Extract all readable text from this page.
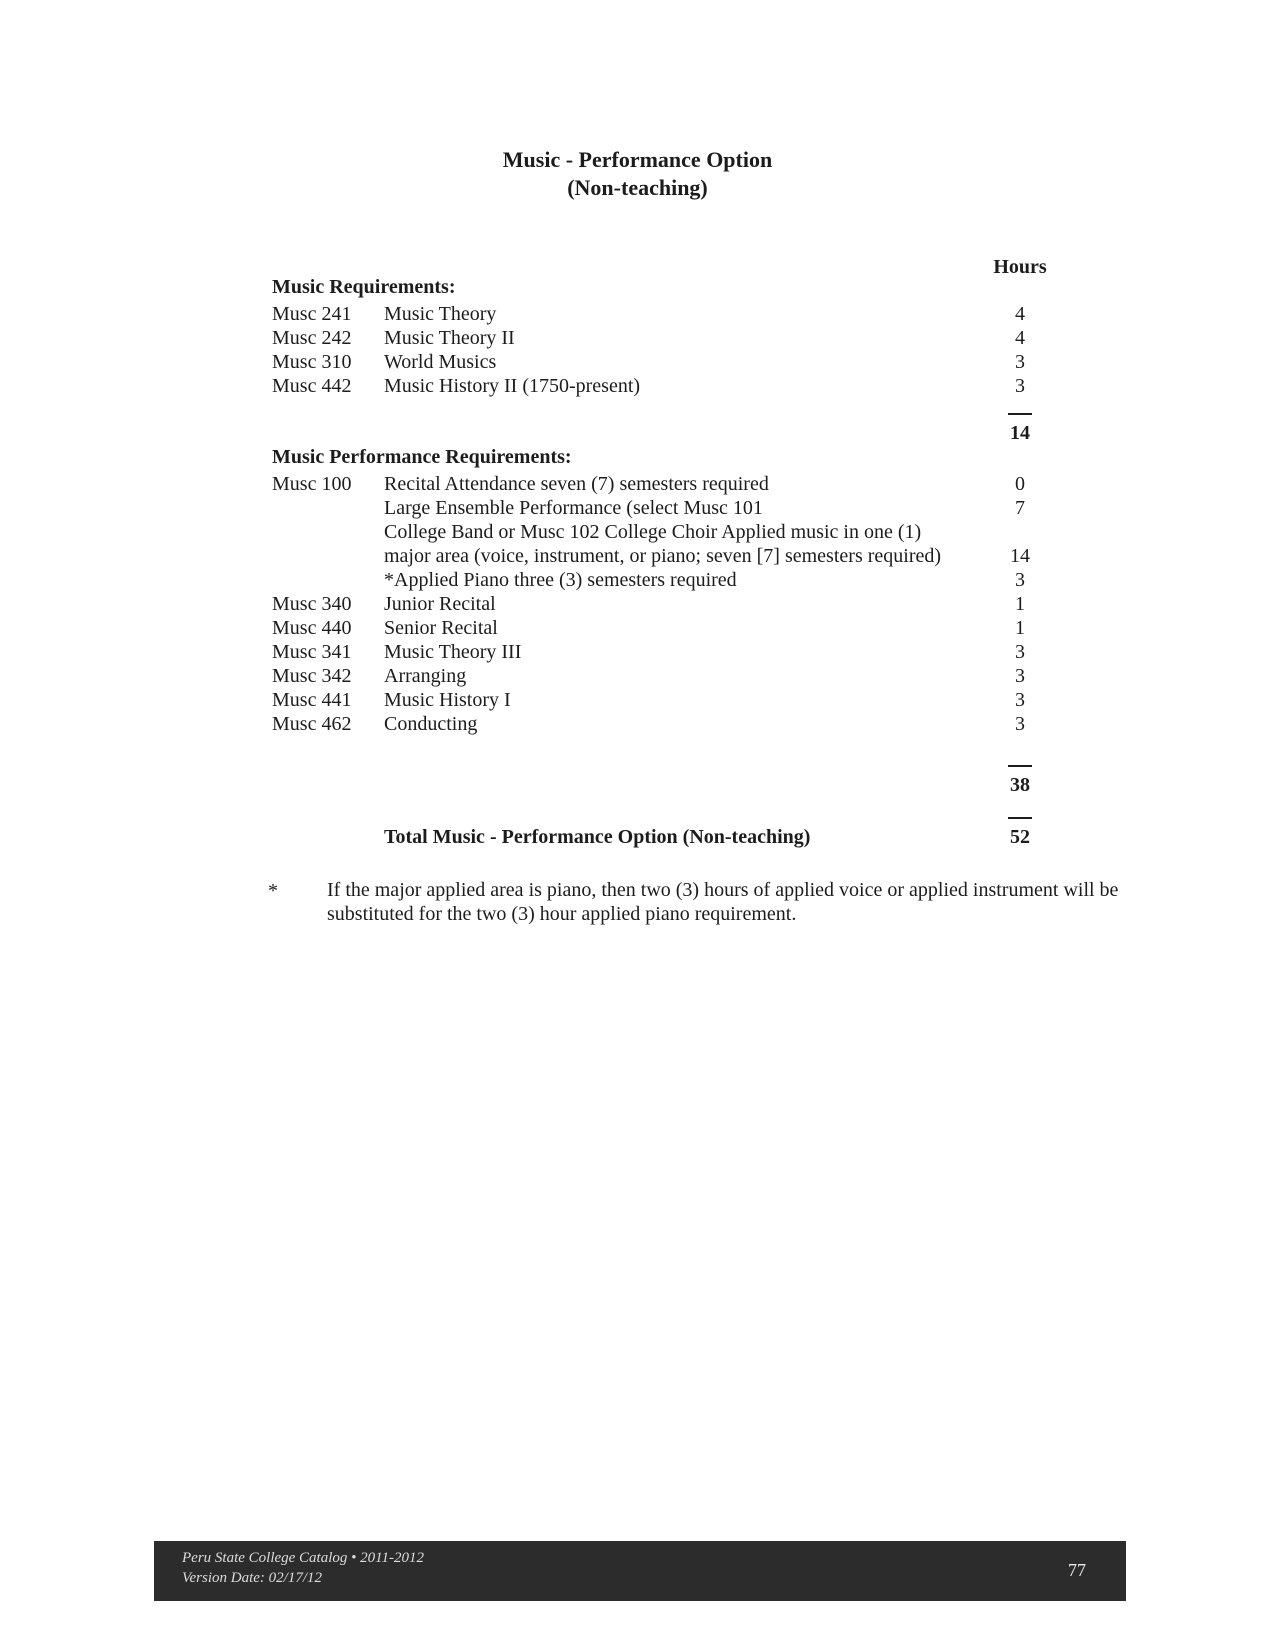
Music - Performance Option
(Non-teaching)
Hours
Music Requirements:
Musc 241	Music Theory	4
Musc 242	Music Theory II	4
Musc 310	World Musics	3
Musc 442	Music History II (1750-present)	3
14
Music Performance Requirements:
Musc 100	Recital Attendance seven (7) semesters required	0
Large Ensemble Performance (select Musc 101	7
College Band or Musc 102 College Choir Applied music in one (1)
major area (voice, instrument, or piano; seven [7] semesters required)	14
*Applied Piano three (3) semesters required	3
Musc 340	Junior Recital	1
Musc 440	Senior Recital	1
Musc 341	Music Theory III	3
Musc 342	Arranging	3
Musc 441	Music History I	3
Musc 462	Conducting	3
38
Total Music - Performance Option (Non-teaching)	52
* If the major applied area is piano, then two (3) hours of applied voice or applied instrument will be substituted for the two (3) hour applied piano requirement.
Peru State College Catalog • 2011-2012
Version Date: 02/17/12	77
